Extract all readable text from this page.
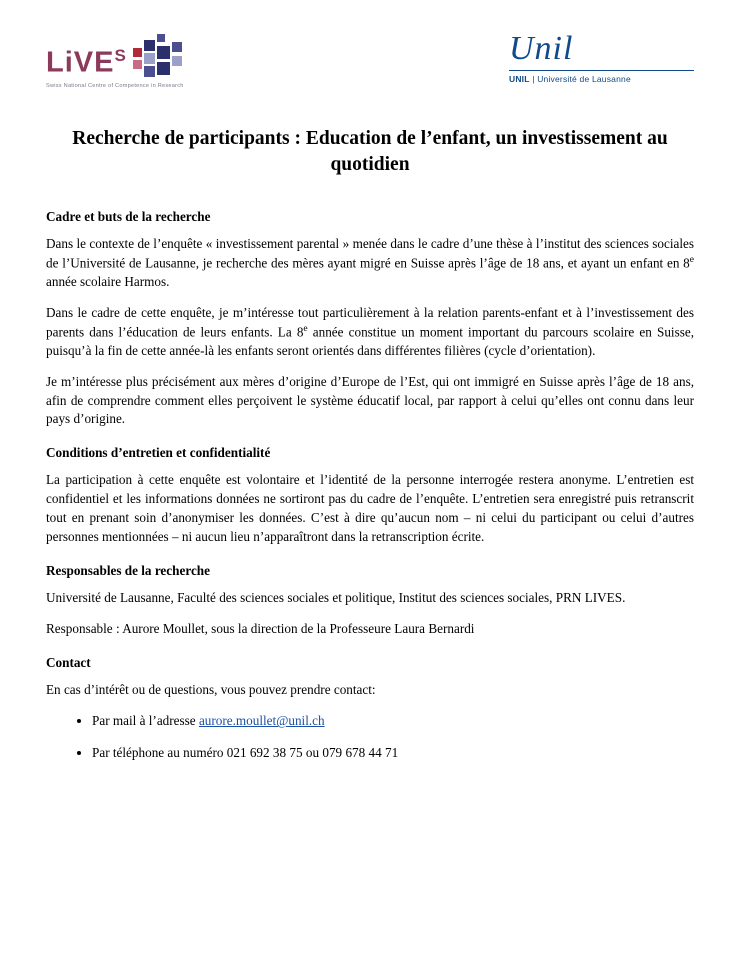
LiVE$^S$
Swiss National Centre of Competence in Research
Unil
UNIL | Université de Lausanne
Recherche de participants : Education de l’enfant, un investissement au quotidien
Cadre et buts de la recherche

Dans le contexte de l’enquête « investissement parental » menée dans le cadre d’une thèse à l’institut des sciences sociales de l’Université de Lausanne, je recherche des mères ayant migré en Suisse après l’âge de 18 ans, et ayant un enfant en 8e année scolaire Harmos.

Dans le cadre de cette enquête, je m’intéresse tout particulièrement à la relation parents-enfant et à l’investissement des parents dans l’éducation de leurs enfants. La 8e année constitue un moment important du parcours scolaire en Suisse, puisqu’à la fin de cette année-là les enfants seront orientés dans différentes filières (cycle d’orientation).

Je m’intéresse plus précisément aux mères d’origine d’Europe de l’Est, qui ont immigré en Suisse après l’âge de 18 ans, afin de comprendre comment elles perçoivent le système éducatif local, par rapport à celui qu’elles ont connu dans leur pays d’origine.

Conditions d’entretien et confidentialité

La participation à cette enquête est volontaire et l’identité de la personne interrogée restera anonyme. L’entretien est confidentiel et les informations données ne sortiront pas du cadre de l’enquête. L’entretien sera enregistré puis retranscrit tout en prenant soin d’anonymiser les données. C’est à dire qu’aucun nom – ni celui du participant ou celui d’autres personnes mentionnées – ni aucun lieu n’apparaîtront dans la retranscription écrite.

Responsables de la recherche

Université de Lausanne, Faculté des sciences sociales et politique, Institut des sciences sociales, PRN LIVES.

Responsable : Aurore Moullet, sous la direction de la Professeure Laura Bernardi

Contact

En cas d’intérêt ou de questions, vous pouvez prendre contact:

• Par mail à l’adresse aurore.moullet@unil.ch
• Par téléphone au numéro 021 692 38 75 ou 079 678 44 71
